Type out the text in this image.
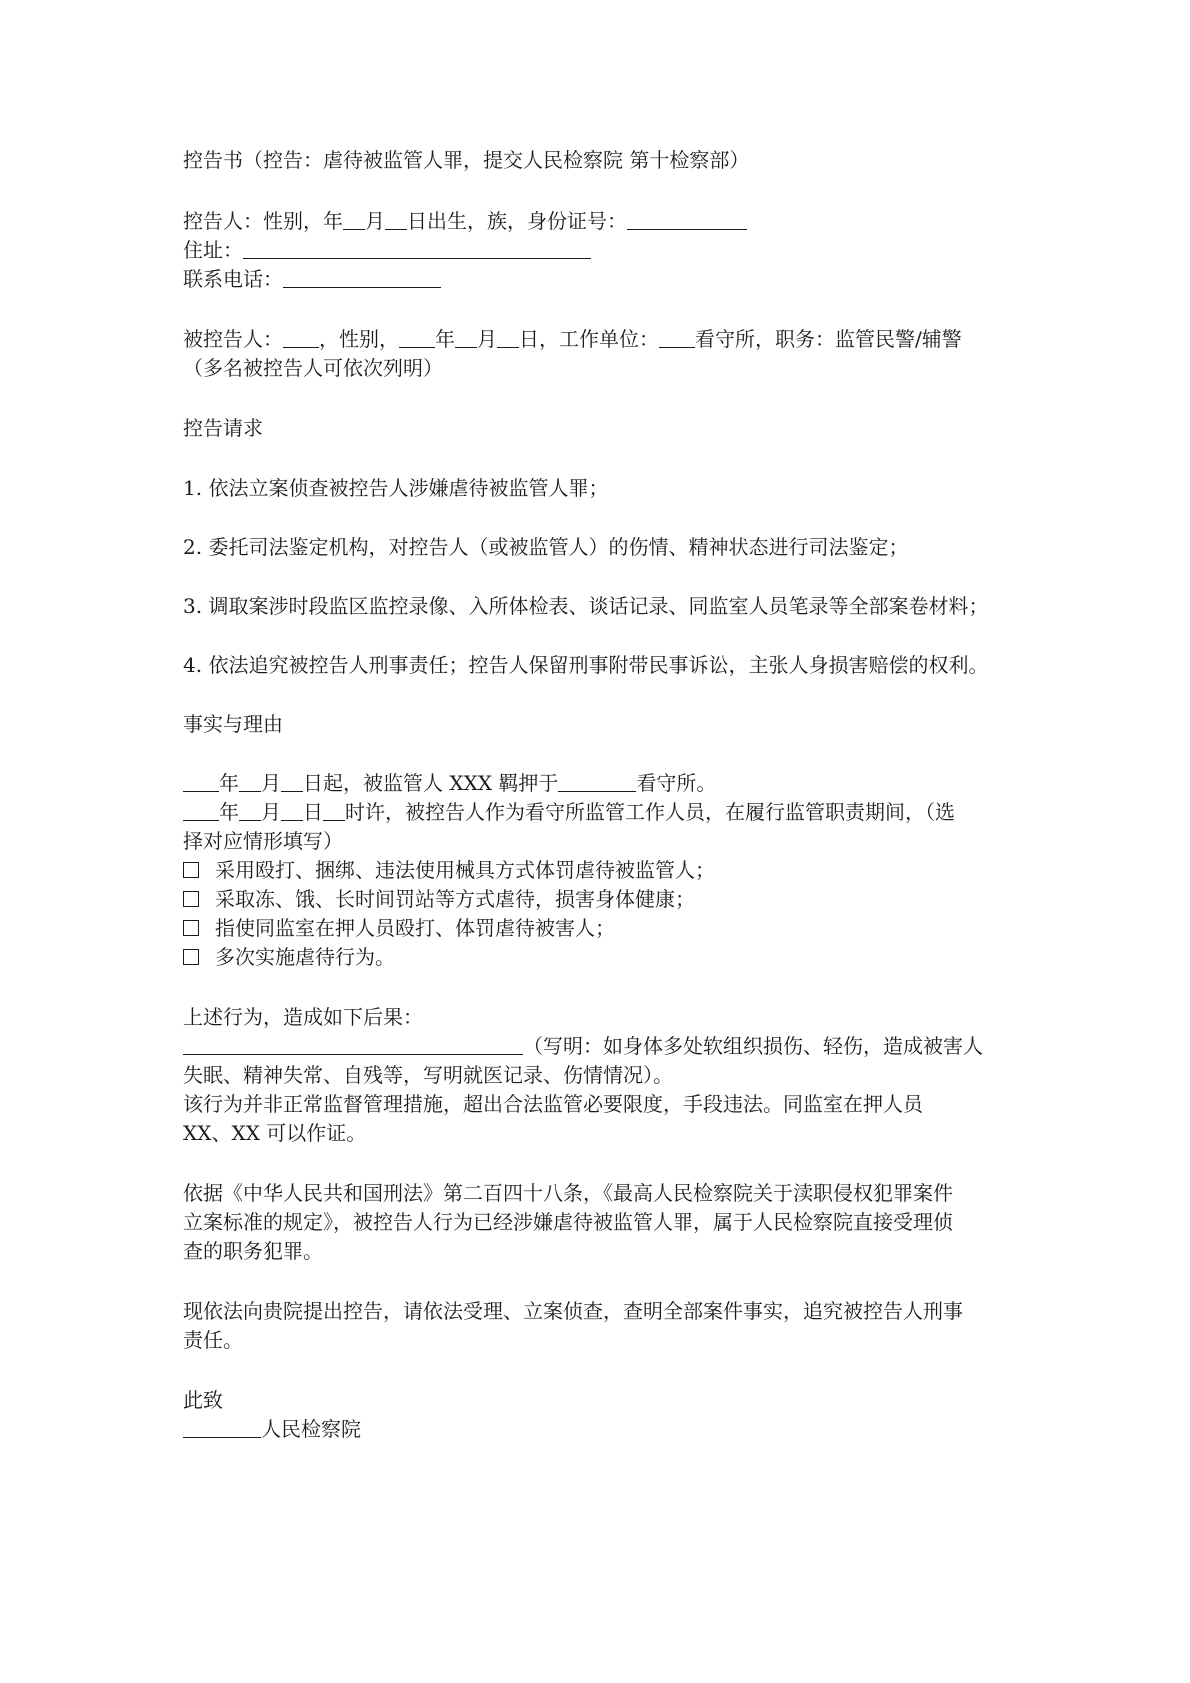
控告书（控告：虐待被监管人罪，提交人民检察院 第十检察部）
控告人：性别，年 月 日出生，族，身份证号：
住址：
联系电话：
被控告人： ，性别， 年 月 日，工作单位： 看守所，职务：监管民警/辅警
（多名被控告人可依次列明）
控告请求
1. 依法立案侦查被控告人涉嫌虐待被监管人罪；
2. 委托司法鉴定机构，对控告人（或被监管人）的伤情、精神状态进行司法鉴定；
3. 调取案涉时段监区监控录像、入所体检表、谈话记录、同监室人员笔录等全部案卷材料；
4. 依法追究被控告人刑事责任；控告人保留刑事附带民事诉讼，主张人身损害赔偿的权利。
事实与理由
年 月 日起，被监管人 XXX 羁押于	看守所。
年 月 日 时许，被控告人作为看守所监管工作人员，在履行监管职责期间，（选
择对应情形填写）
采用殴打、捆绑、违法使用械具方式体罚虐待被监管人；
采取冻、饿、长时间罚站等方式虐待，损害身体健康；
指使同监室在押人员殴打、体罚虐待被害人；
多次实施虐待行为。
上述行为，造成如下后果：
（写明：如身体多处软组织损伤、轻伤，造成被害人
失眠、精神失常、自残等，写明就医记录、伤情情况）。
该行为并非正常监督管理措施，超出合法监管必要限度，手段违法。同监室在押人员
XX、XX 可以作证。
依据《中华人民共和国刑法》第二百四十八条，《最高人民检察院关于渎职侵权犯罪案件
立案标准的规定》，被控告人行为已经涉嫌虐待被监管人罪，属于人民检察院直接受理侦
查的职务犯罪。
现依法向贵院提出控告，请依法受理、立案侦查，查明全部案件事实，追究被控告人刑事
责任。
此致
人民检察院
